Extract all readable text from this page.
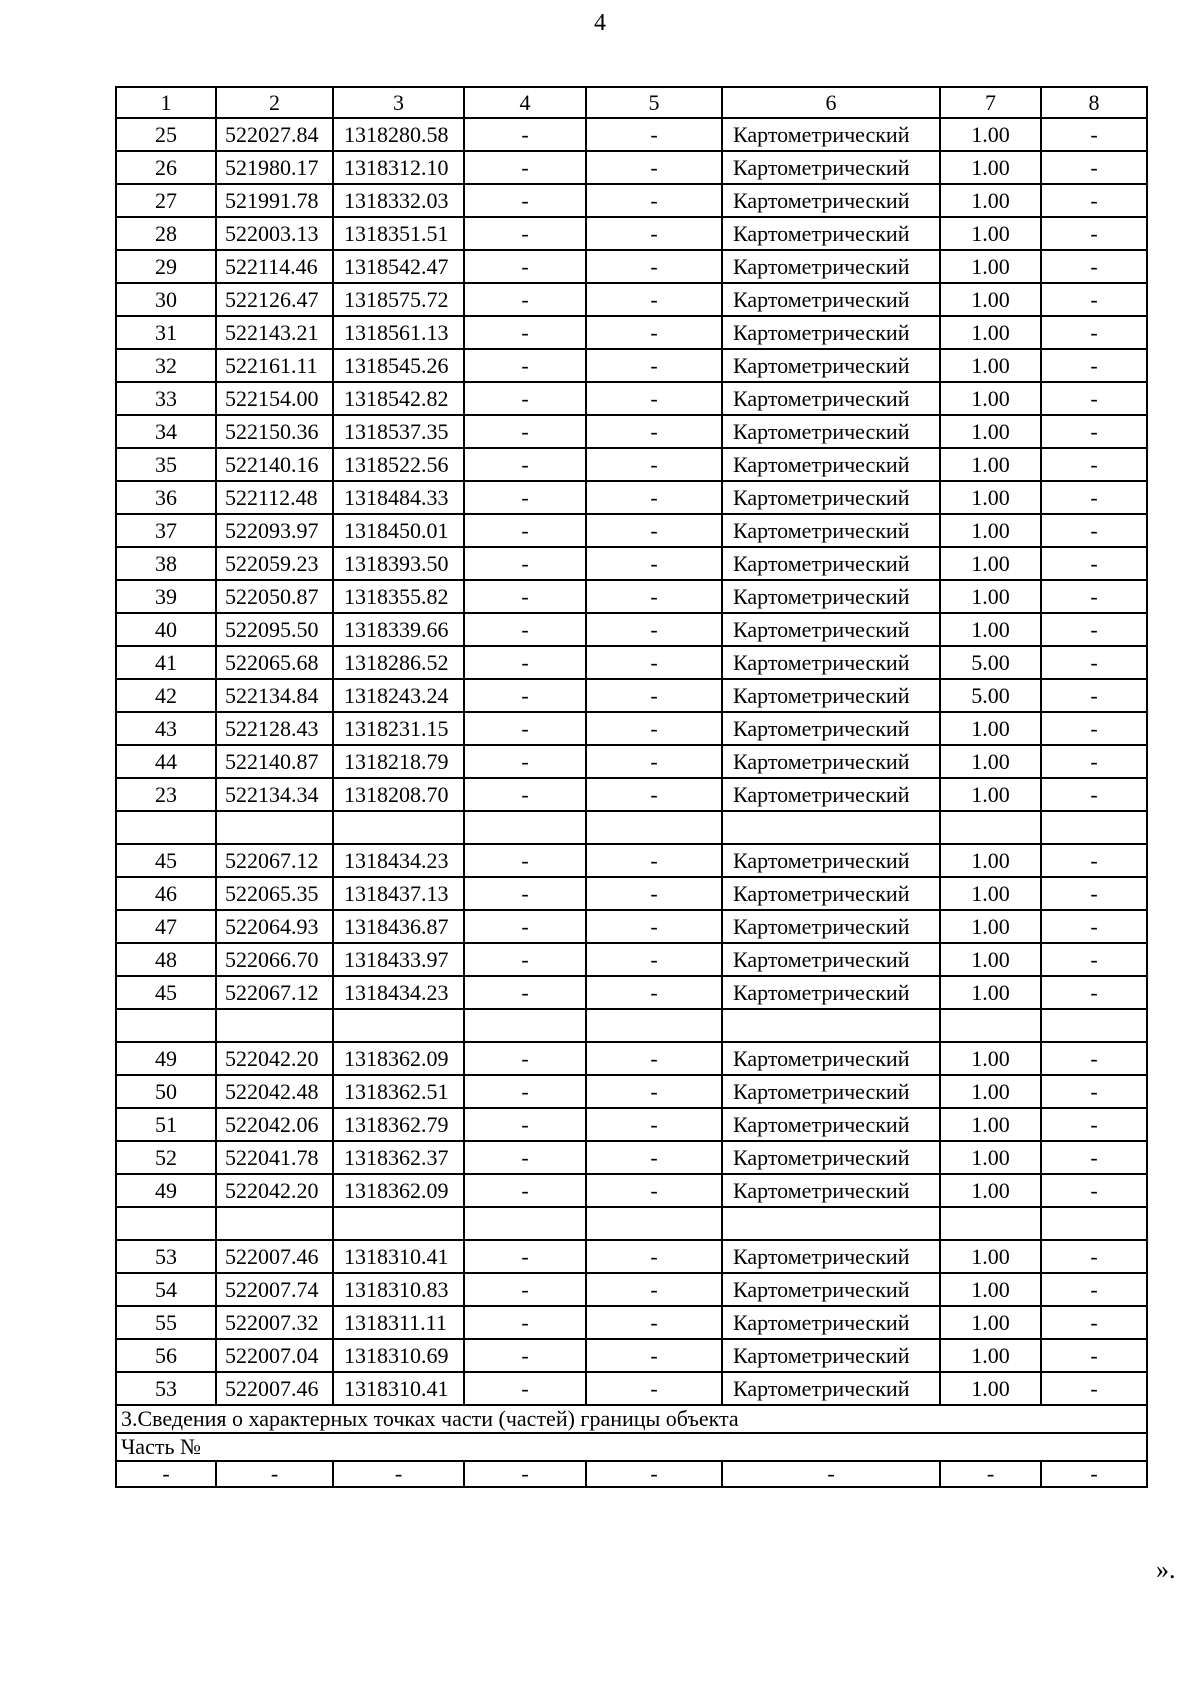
4
1	2	3	4	5	6	7	8
25	522027.84	1318280.58	-	-	Картометрический	1.00	-
26	521980.17	1318312.10	-	-	Картометрический	1.00	-
27	521991.78	1318332.03	-	-	Картометрический	1.00	-
28	522003.13	1318351.51	-	-	Картометрический	1.00	-
29	522114.46	1318542.47	-	-	Картометрический	1.00	-
30	522126.47	1318575.72	-	-	Картометрический	1.00	-
31	522143.21	1318561.13	-	-	Картометрический	1.00	-
32	522161.11	1318545.26	-	-	Картометрический	1.00	-
33	522154.00	1318542.82	-	-	Картометрический	1.00	-
34	522150.36	1318537.35	-	-	Картометрический	1.00	-
35	522140.16	1318522.56	-	-	Картометрический	1.00	-
36	522112.48	1318484.33	-	-	Картометрический	1.00	-
37	522093.97	1318450.01	-	-	Картометрический	1.00	-
38	522059.23	1318393.50	-	-	Картометрический	1.00	-
39	522050.87	1318355.82	-	-	Картометрический	1.00	-
40	522095.50	1318339.66	-	-	Картометрический	1.00	-
41	522065.68	1318286.52	-	-	Картометрический	5.00	-
42	522134.84	1318243.24	-	-	Картометрический	5.00	-
43	522128.43	1318231.15	-	-	Картометрический	1.00	-
44	522140.87	1318218.79	-	-	Картометрический	1.00	-
23	522134.34	1318208.70	-	-	Картометрический	1.00	-

45	522067.12	1318434.23	-	-	Картометрический	1.00	-
46	522065.35	1318437.13	-	-	Картометрический	1.00	-
47	522064.93	1318436.87	-	-	Картометрический	1.00	-
48	522066.70	1318433.97	-	-	Картометрический	1.00	-
45	522067.12	1318434.23	-	-	Картометрический	1.00	-

49	522042.20	1318362.09	-	-	Картометрический	1.00	-
50	522042.48	1318362.51	-	-	Картометрический	1.00	-
51	522042.06	1318362.79	-	-	Картометрический	1.00	-
52	522041.78	1318362.37	-	-	Картометрический	1.00	-
49	522042.20	1318362.09	-	-	Картометрический	1.00	-

53	522007.46	1318310.41	-	-	Картометрический	1.00	-
54	522007.74	1318310.83	-	-	Картометрический	1.00	-
55	522007.32	1318311.11	-	-	Картометрический	1.00	-
56	522007.04	1318310.69	-	-	Картометрический	1.00	-
53	522007.46	1318310.41	-	-	Картометрический	1.00	-
3.Сведения о характерных точках части (частей) границы объекта							
Часть №							
-	-	-	-	-	-	-	-
».
